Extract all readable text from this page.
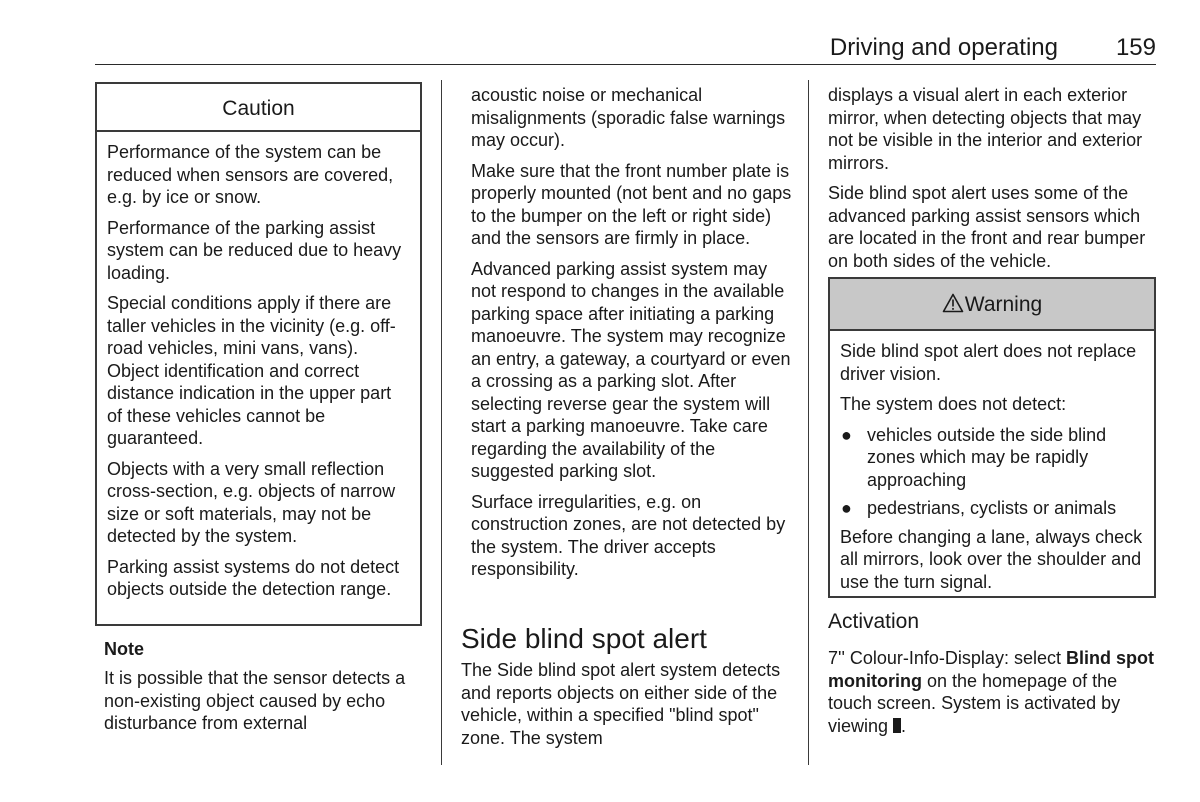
Driving and operating 159
Caution

Performance of the system can be reduced when sensors are covered, e.g. by ice or snow.

Performance of the parking assist system can be reduced due to heavy loading.

Special conditions apply if there are taller vehicles in the vicinity (e.g. off-road vehicles, mini vans, vans). Object identification and correct distance indication in the upper part of these vehicles cannot be guaranteed.

Objects with a very small reflection cross-section, e.g. objects of narrow size or soft materials, may not be detected by the system.

Parking assist systems do not detect objects outside the detection range.

Note

It is possible that the sensor detects a non-existing object caused by echo disturbance from external

acoustic noise or mechanical misalignments (sporadic false warnings may occur).

Make sure that the front number plate is properly mounted (not bent and no gaps to the bumper on the left or right side) and the sensors are firmly in place.

Advanced parking assist system may not respond to changes in the available parking space after initiating a parking manoeuvre. The system may recognize an entry, a gateway, a courtyard or even a crossing as a parking slot. After selecting reverse gear the system will start a parking manoeuvre. Take care regarding the availability of the suggested parking slot.

Surface irregularities, e.g. on construction zones, are not detected by the system. The driver accepts responsibility.

Side blind spot alert

The Side blind spot alert system detects and reports objects on either side of the vehicle, within a specified "blind spot" zone. The system

displays a visual alert in each exterior mirror, when detecting objects that may not be visible in the interior and exterior mirrors.

Side blind spot alert uses some of the advanced parking assist sensors which are located in the front and rear bumper on both sides of the vehicle.

Warning

Side blind spot alert does not replace driver vision.

The system does not detect:

● vehicles outside the side blind zones which may be rapidly approaching
● pedestrians, cyclists or animals

Before changing a lane, always check all mirrors, look over the shoulder and use the turn signal.

Activation

7'' Colour-Info-Display: select Blind spot monitoring on the homepage of the touch screen. System is activated by viewing .
